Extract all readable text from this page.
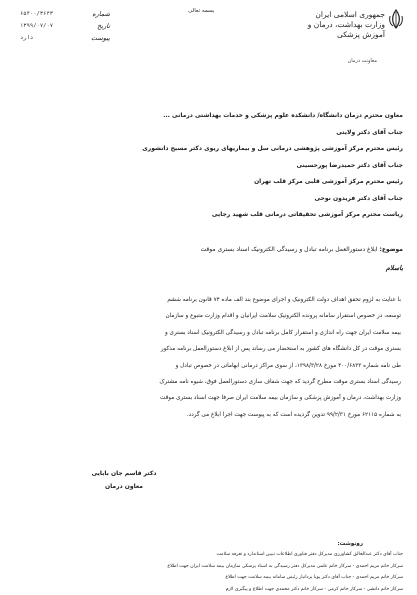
جمهوری اسلامی ایران
وزارت بهداشت، درمان و آموزش پزشکی
معاونت درمان
بسمه تعالی
شماره
۶۵۴۰۰/۳۶۴۳
تاریخ
۱۳۹۹/۰۷/۰۷
پیوست
دارد
معاون محترم درمان دانشگاه/ دانشکده علوم پزشکی و خدمات بهداشتی درمانی ...
جناب آقای دکتر ولایتی
رئیس محترم مرکز آموزشی پژوهشی درمانی سل و بیماریهای ریوی دکتر مسیح دانشوری
جناب آقای دکتر حمیدرضا پورحسینی
رئیس محترم مرکز آموزشی قلبی مرکز قلب تهران
جناب آقای دکتر فریدون نوحی
ریاست محترم مرکز آموزشی تحقیقاتی درمانی قلب شهید رجایی
موضوع: ابلاغ دستورالعمل برنامه تبادل و رسیدگی الکترونیک اسناد بستری موقت
باسلام
با عنایت به لزوم تحقق اهداف دولت الکترونیک و اجرای موضوع بند الف ماده ۷۴ قانون برنامه ششم
توسعه، در خصوص استقرار سامانه پرونده الکترونیک سلامت ایرانیان و اقدام وزارت متبوع و سازمان
بیمه سلامت ایران جهت راه اندازی و استقرار کامل برنامه تبادل و رسیدگی الکترونیک اسناد بستری و
بستری موقت در کل دانشگاه های کشور به استحضار می رساند پس از ابلاغ دستورالعمل برنامه مذکور
طی نامه شماره ۴۰۰/۶۸۳۳ مورخ ۱۳۹۸/۳/۲۸، از سوی مراکز درمانی ابهاماتی در خصوص تبادل و
رسیدگی اسناد بستری موقت مطرح گردید که جهت شفاف سازی دستورالعمل فوق، شیوه نامه مشترک
وزارت بهداشت، درمان و آموزش پزشکی و سازمان بیمه سلامت ایران صرفا جهت اسناد بستری موقت
به شماره ۶۲۱۱۵ مورخ ۹۹/۲/۳۱ تدوین گردیده است که به پیوست جهت اجرا ابلاغ می گردد.
دکتر قاسم جان بابایی
معاون درمان
رونوشت:
جناب آقای دکتر عبدالخالق کشاورزی مدیرکل دفتر فناوری اطلاعات تبیین استاندارد و تعرفه سلامت
سرکار خانم مریم احمدی - سرکار خانم علمی مدیرکل دفتر رسیدگی به اسناد پزشکی سازمان بیمه سلامت ایران جهت اطلاع
سرکار خانم مریم احمدی - جناب آقای دکتر پویا یزدانیار رئیس سامانه بیمه سلامت جهت اطلاع
سرکار خانم دانشی - سرکار خانم کرمی - سرکار خانم دکتر محمدی جهت اطلاع و پیگیری لازم
